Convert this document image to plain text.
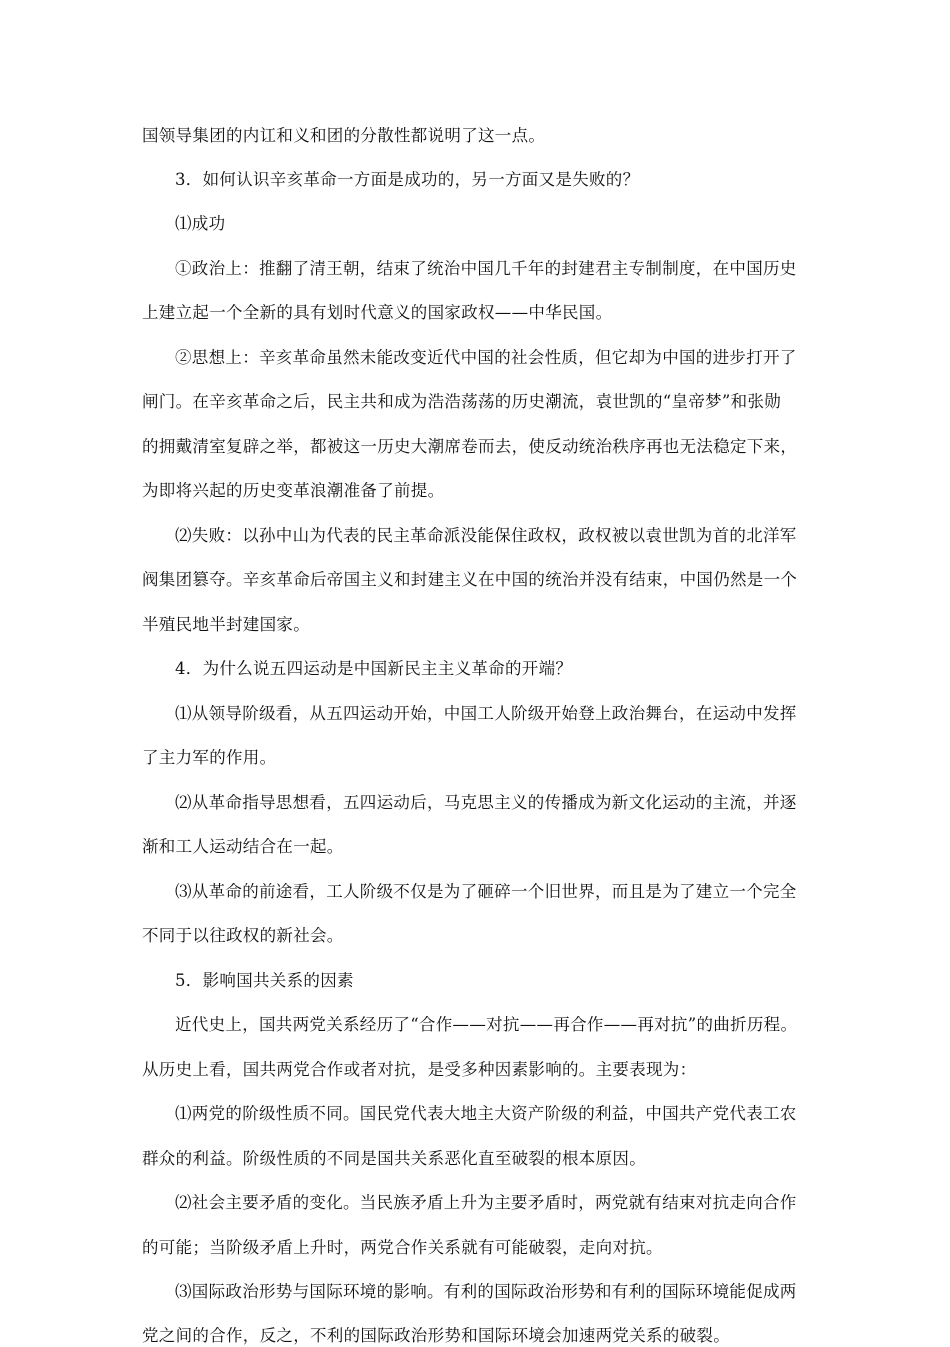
国领导集团的内讧和义和团的分散性都说明了这一点。
3．如何认识辛亥革命一方面是成功的，另一方面又是失败的？
⑴成功
①政治上：推翻了清王朝，结束了统治中国几千年的封建君主专制制度，在中国历史
上建立起一个全新的具有划时代意义的国家政权——中华民国。
②思想上：辛亥革命虽然未能改变近代中国的社会性质，但它却为中国的进步打开了
闸门。在辛亥革命之后，民主共和成为浩浩荡荡的历史潮流，袁世凯的“皇帝梦”和张勋
的拥戴清室复辟之举，都被这一历史大潮席卷而去，使反动统治秩序再也无法稳定下来，
为即将兴起的历史变革浪潮准备了前提。
⑵失败：以孙中山为代表的民主革命派没能保住政权，政权被以袁世凯为首的北洋军
阀集团篡夺。辛亥革命后帝国主义和封建主义在中国的统治并没有结束，中国仍然是一个
半殖民地半封建国家。
4．为什么说五四运动是中国新民主主义革命的开端？
⑴从领导阶级看，从五四运动开始，中国工人阶级开始登上政治舞台，在运动中发挥
了主力军的作用。
⑵从革命指导思想看，五四运动后，马克思主义的传播成为新文化运动的主流，并逐
渐和工人运动结合在一起。
⑶从革命的前途看，工人阶级不仅是为了砸碎一个旧世界，而且是为了建立一个完全
不同于以往政权的新社会。
5．影响国共关系的因素
近代史上，国共两党关系经历了“合作——对抗——再合作——再对抗”的曲折历程。
从历史上看，国共两党合作或者对抗，是受多种因素影响的。主要表现为：
⑴两党的阶级性质不同。国民党代表大地主大资产阶级的利益，中国共产党代表工农
群众的利益。阶级性质的不同是国共关系恶化直至破裂的根本原因。
⑵社会主要矛盾的变化。当民族矛盾上升为主要矛盾时，两党就有结束对抗走向合作
的可能；当阶级矛盾上升时，两党合作关系就有可能破裂，走向对抗。
⑶国际政治形势与国际环境的影响。有利的国际政治形势和有利的国际环境能促成两
党之间的合作，反之，不利的国际政治形势和国际环境会加速两党关系的破裂。
